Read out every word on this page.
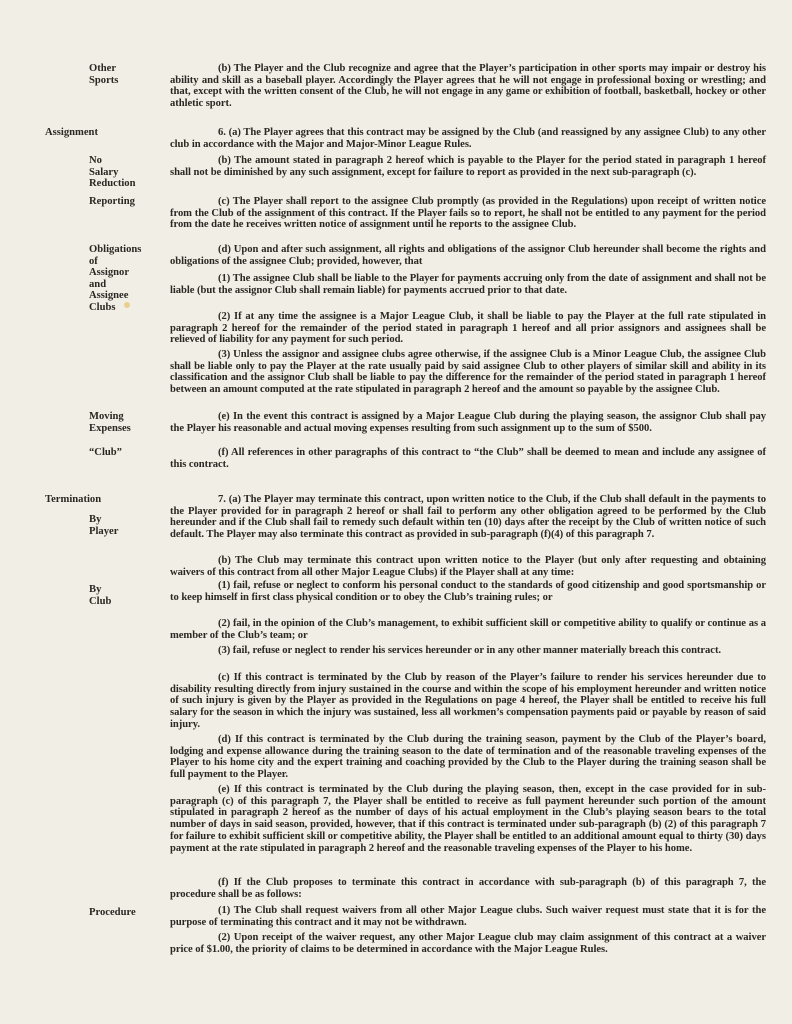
Other
Sports
Assignment
No
Salary
Reduction
Reporting
Obligations
of
Assignor
and
Assignee
Clubs
Moving
Expenses
“Club”
Termination
By
Player
By
Club
Procedure
(b) The Player and the Club recognize and agree that the Player’s participation in other sports may impair or destroy his ability and skill as a baseball player. Accordingly the Player agrees that he will not engage in professional boxing or wrestling; and that, except with the written consent of the Club, he will not engage in any game or exhibition of football, basketball, hockey or other athletic sport.
6. (a) The Player agrees that this contract may be assigned by the Club (and reassigned by any assignee Club) to any other club in accordance with the Major and Major-Minor League Rules.
(b) The amount stated in paragraph 2 hereof which is payable to the Player for the period stated in paragraph 1 hereof shall not be diminished by any such assignment, except for failure to report as provided in the next sub-paragraph (c).
(c) The Player shall report to the assignee Club promptly (as provided in the Regulations) upon receipt of written notice from the Club of the assignment of this contract. If the Player fails so to report, he shall not be entitled to any payment for the period from the date he receives written notice of assignment until he reports to the assignee Club.
(d) Upon and after such assignment, all rights and obligations of the assignor Club hereunder shall become the rights and obligations of the assignee Club; provided, however, that
(1) The assignee Club shall be liable to the Player for payments accruing only from the date of assignment and shall not be liable (but the assignor Club shall remain liable) for payments accrued prior to that date.
(2) If at any time the assignee is a Major League Club, it shall be liable to pay the Player at the full rate stipulated in paragraph 2 hereof for the remainder of the period stated in paragraph 1 hereof and all prior assignors and assignees shall be relieved of liability for any payment for such period.
(3) Unless the assignor and assignee clubs agree otherwise, if the assignee Club is a Minor League Club, the assignee Club shall be liable only to pay the Player at the rate usually paid by said assignee Club to other players of similar skill and ability in its classification and the assignor Club shall be liable to pay the difference for the remainder of the period stated in paragraph 1 hereof between an amount computed at the rate stipulated in paragraph 2 hereof and the amount so payable by the assignee Club.
(e) In the event this contract is assigned by a Major League Club during the playing season, the assignor Club shall pay the Player his reasonable and actual moving expenses resulting from such assignment up to the sum of $500.
(f) All references in other paragraphs of this contract to “the Club” shall be deemed to mean and include any assignee of this contract.
7. (a) The Player may terminate this contract, upon written notice to the Club, if the Club shall default in the payments to the Player provided for in paragraph 2 hereof or shall fail to perform any other obligation agreed to be performed by the Club hereunder and if the Club shall fail to remedy such default within ten (10) days after the receipt by the Club of written notice of such default. The Player may also terminate this contract as provided in sub-paragraph (f)(4) of this paragraph 7.
(b) The Club may terminate this contract upon written notice to the Player (but only after requesting and obtaining waivers of this contract from all other Major League Clubs) if the Player shall at any time:
(1) fail, refuse or neglect to conform his personal conduct to the standards of good citizenship and good sportsmanship or to keep himself in first class physical condition or to obey the Club’s training rules; or
(2) fail, in the opinion of the Club’s management, to exhibit sufficient skill or competitive ability to qualify or continue as a member of the Club’s team; or
(3) fail, refuse or neglect to render his services hereunder or in any other manner materially breach this contract.
(c) If this contract is terminated by the Club by reason of the Player’s failure to render his services hereunder due to disability resulting directly from injury sustained in the course and within the scope of his employment hereunder and written notice of such injury is given by the Player as provided in the Regulations on page 4 hereof, the Player shall be entitled to receive his full salary for the season in which the injury was sustained, less all workmen’s compensation payments paid or payable by reason of said injury.
(d) If this contract is terminated by the Club during the training season, payment by the Club of the Player’s board, lodging and expense allowance during the training season to the date of termination and of the reasonable traveling expenses of the Player to his home city and the expert training and coaching provided by the Club to the Player during the training season shall be full payment to the Player.
(e) If this contract is terminated by the Club during the playing season, then, except in the case provided for in sub-paragraph (c) of this paragraph 7, the Player shall be entitled to receive as full payment hereunder such portion of the amount stipulated in paragraph 2 hereof as the number of days of his actual employment in the Club’s playing season bears to the total number of days in said season, provided, however, that if this contract is terminated under sub-paragraph (b) (2) of this paragraph 7 for failure to exhibit sufficient skill or competitive ability, the Player shall be entitled to an additional amount equal to thirty (30) days payment at the rate stipulated in paragraph 2 hereof and the reasonable traveling expenses of the Player to his home.
(f) If the Club proposes to terminate this contract in accordance with sub-paragraph (b) of this paragraph 7, the procedure shall be as follows:
(1) The Club shall request waivers from all other Major League clubs. Such waiver request must state that it is for the purpose of terminating this contract and it may not be withdrawn.
(2) Upon receipt of the waiver request, any other Major League club may claim assignment of this contract at a waiver price of $1.00, the priority of claims to be determined in accordance with the Major League Rules.
